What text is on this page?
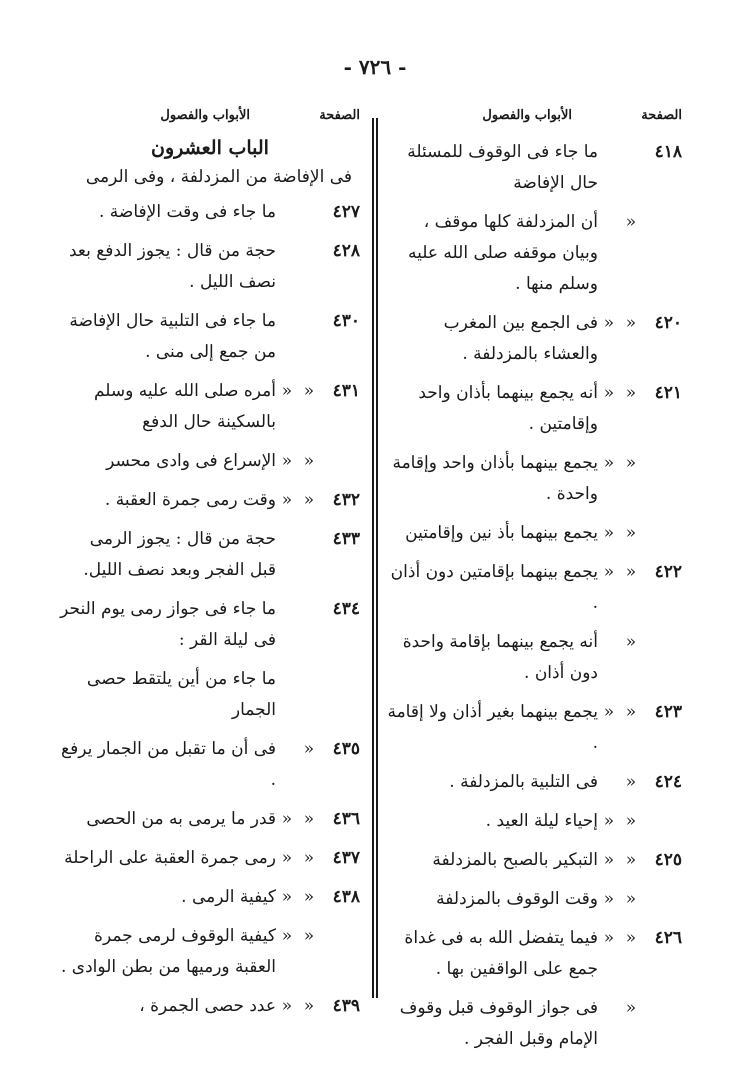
- ٧٢٦ -
الصفحة
الأبواب والفصول
٤١٨
ما جاء فى الوقوف للمسئلة حال الإفاضة
«
أن المزدلفة كلها موقف ، وبيان موقفه صلى الله عليه وسلم منها .
٤٢٠
«
«
فى الجمع بين المغرب والعشاء بالمزدلفة .
٤٢١
«
«
أنه يجمع بينهما بأذان واحد وإقامتين .
«
«
يجمع بينهما بأذان واحد وإقامة واحدة .
«
«
يجمع بينهما بأذ نين وإقامتين
٤٢٢
«
«
يجمع بينهما بإقامتين دون أذان .
«
أنه يجمع بينهما بإقامة واحدة دون أذان .
٤٢٣
«
«
يجمع بينهما بغير أذان ولا إقامة .
٤٢٤
«
فى التلبية بالمزدلفة .
«
«
إحياء ليلة العيد .
٤٢٥
«
«
التبكير بالصبح بالمزدلفة
«
«
وقت الوقوف بالمزدلفة
٤٢٦
«
«
فيما يتفضل الله به فى غداة جمع على الواقفين بها .
«
فى جواز الوقوف قبل وقوف الإمام وقبل الفجر .
الصفحة
الأبواب والفصول
الباب العشرون
فى الإفاضة من المزدلفة ، وفى الرمى
٤٢٧
ما جاء فى وقت الإفاضة .
٤٢٨
حجة من قال : يجوز الدفع بعد نصف الليل .
٤٣٠
ما جاء فى التلبية حال الإفاضة من جمع إلى منى .
٤٣١
«
«
أمره صلى الله عليه وسلم بالسكينة حال الدفع
«
«
الإسراع فى وادى محسر
٤٣٢
«
«
وقت رمى جمرة العقبة .
٤٣٣
حجة من قال : يجوز الرمى قبل الفجر وبعد نصف الليل.
٤٣٤
ما جاء فى جواز رمى يوم النحر فى ليلة القر :
ما جاء من أين يلتقط حصى الجمار
٤٣٥
«
فى أن ما تقبل من الجمار يرفع .
٤٣٦
«
«
قدر ما يرمى به من الحصى
٤٣٧
«
«
رمى جمرة العقبة على الراحلة
٤٣٨
«
«
كيفية الرمى .
«
«
كيفية الوقوف لرمى جمرة العقبة ورميها من بطن الوادى .
٤٣٩
«
«
عدد حصى الجمرة ،
